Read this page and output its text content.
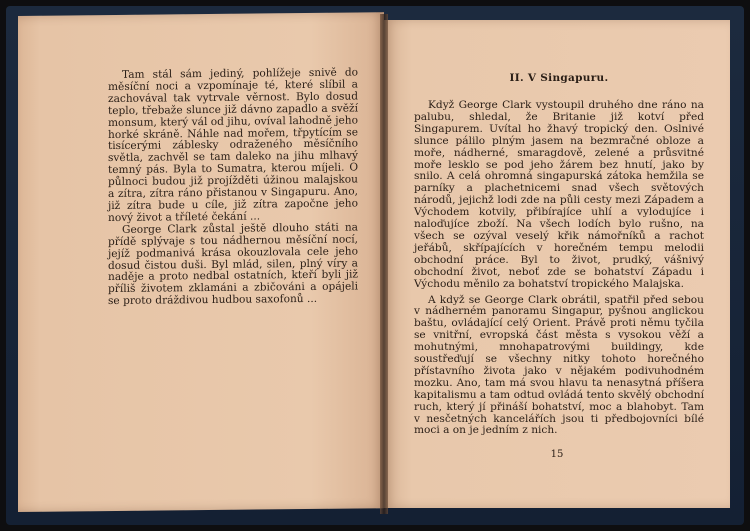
Tam stál sám jediný, pohlížeje snivě do měsíční noci a vzpomínaje té, které slíbil a zachovával tak vytrvale věrnost. Bylo dosud teplo, třebaže slunce již dávno zapadlo a svěží monsum, který vál od jihu, ovíval lahodně jeho horké skráně. Náhle nad mořem, třpytícím se tisícerými záblesky odraženého měsíčního světla, zachvěl se tam daleko na jihu mlhavý temný pás. Byla to Sumatra, kterou míjeli. O půlnoci budou již projížděti úžinou malajskou a zítra, zítra ráno přistanou v Singapuru. Ano, již zítra bude u cíle, již zítra započne jeho nový život a tříleté čekání ...

George Clark zůstal ještě dlouho státi na přídě splývaje s tou nádhernou měsíční nocí, jejíž podmanivá krása okouzlovala cele jeho dosud čistou duši. Byl mlád, silen, plný víry a naděje a proto nedbal ostatních, kteří byli již příliš životem zklamáni a zbičováni a opájeli se proto dráždivou hudbou saxofonů ...

II. V Singapuru.

Když George Clark vystoupil druhého dne ráno na palubu, shledal, že Britanie již kotví před Singapurem. Uvítal ho žhavý tropický den. Oslnivé slunce pálilo plným jasem na bezmračné obloze a moře, nádherné, smaragdově, zelené a průsvitné moře lesklo se pod jeho žárem bez hnutí, jako by snilo. A celá ohromná singapurská zátoka hemžila se parníky a plachetnicemi snad všech světových národů, jejichž lodi zde na půli cesty mezi Západem a Východem kotvily, přibírajíce uhlí a vylodujíce i naloďujíce zboží. Na všech lodích bylo rušno, na všech se ozýval veselý křik námořníků a rachot jeřábů, skřípajících v horečném tempu melodii obchodní práce. Byl to život, prudký, vášnivý obchodní život, neboť zde se bohatství Západu i Východu měnilo za bohatství tropického Malajska.

A když se George Clark obrátil, spatřil před sebou v nádherném panoramu Singapur, pyšnou anglickou baštu, ovládající celý Orient. Právě proti němu tyčila se vnitřní, evropská část města s vysokou věží a mohutnými, mnohapatrovými buildingy, kde soustřeďují se všechny nitky tohoto horečného přístavního života jako v nějakém podivuhodném mozku. Ano, tam má svou hlavu ta nenasytná příšera kapitalismu a tam odtud ovládá tento skvělý obchodní ruch, který jí přináší bohatství, moc a blahobyt. Tam v nesčetných kancelářích jsou ti předbojovníci bílé moci a on je jedním z nich.

15
